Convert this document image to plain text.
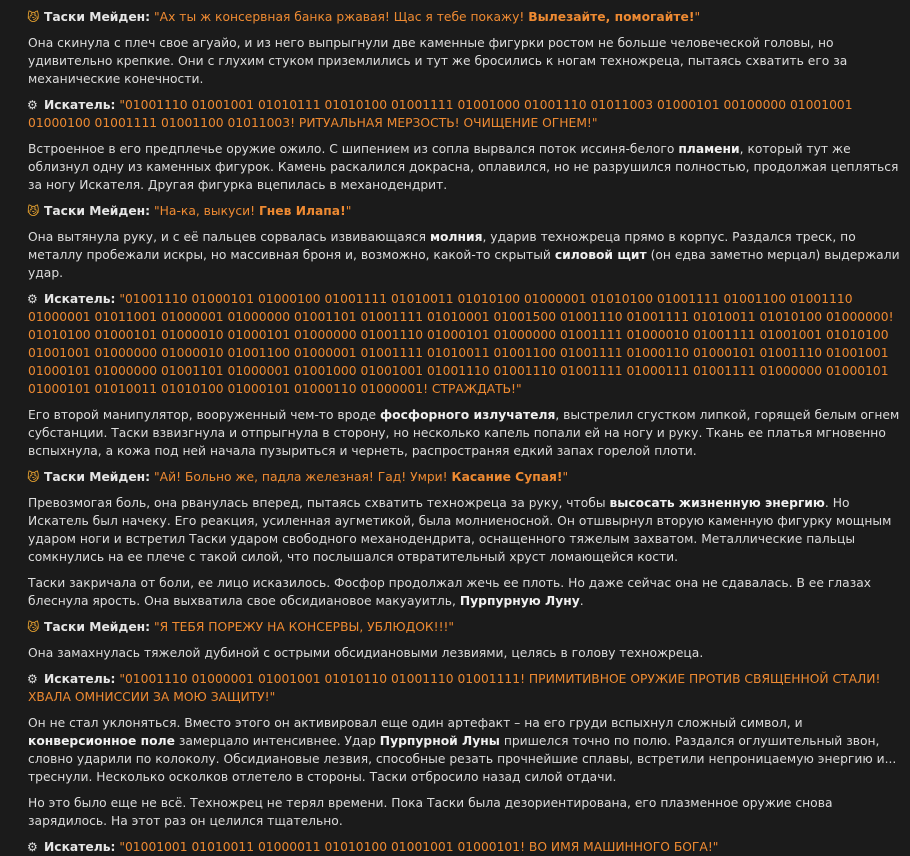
😼 Таски Мейден: "Ах ты ж консервная банка ржавая! Щас я тебе покажу! Вылезайте, помогайте!"
Она скинула с плеч свое агуайо, и из него выпрыгнули две каменные фигурки ростом не больше человеческой головы, но удивительно крепкие. Они с глухим стуком приземлились и тут же бросились к ногам техножреца, пытаясь схватить его за механические конечности.
⚙ Искатель: "01001110 01001001 01010111 01010100 01001111 01001000 01001110 01011003 01000101 00100000 01001001 01000100 01001111 01001100 01011003! РИТУАЛЬНАЯ МЕРЗОСТЬ! ОЧИЩЕНИЕ ОГНЕМ!"
Встроенное в его предплечье оружие ожило. С шипением из сопла вырвался поток иссиня-белого пламени, который тут же облизнул одну из каменных фигурок. Камень раскалился докрасна, оплавился, но не разрушился полностью, продолжая цепляться за ногу Искателя. Другая фигурка вцепилась в механодендрит.
😼 Таски Мейден: "На-ка, выкуси! Гнев Илапа!"
Она вытянула руку, и с её пальцев сорвалась извивающаяся молния, ударив техножреца прямо в корпус. Раздался треск, по металлу пробежали искры, но массивная броня и, возможно, какой-то скрытый силовой щит (он едва заметно мерцал) выдержали удар.
⚙ Искатель: "01001110 01000101 01000100 01001111 01010011 01010100 01000001 01010100 01001111 01001100 01001110 01000001 01011001 01000001 01000000 01001101 01001111 01010001 01001500 01001110 01001111 01010011 01010100 01000000! 01010100 01000101 01000010 01000101 01000000 01001110 01000101 01000000 01001111 01000010 01001111 01001001 01010100 01001001 01000000 01000010 01001100 01000001 01001111 01010011 01001100 01001111 01000110 01000101 01001110 01001001 01000101 01000000 01001101 01000001 01001000 01001001 01001110 01001110 01001111 01000111 01001111 01000000 01000101 01000101 01010011 01010100 01000101 01000110 01000001! СТРАЖДАТЬ!"
Его второй манипулятор, вооруженный чем-то вроде фосфорного излучателя, выстрелил сгустком липкой, горящей белым огнем субстанции. Таски взвизгнула и отпрыгнула в сторону, но несколько капель попали ей на ногу и руку. Ткань ее платья мгновенно вспыхнула, а кожа под ней начала пузыриться и чернеть, распространяя едкий запах горелой плоти.
😼 Таски Мейден: "Ай! Больно же, падла железная! Гад! Умри! Касание Супая!"
Превозмогая боль, она рванулась вперед, пытаясь схватить техножреца за руку, чтобы высосать жизненную энергию. Но Искатель был начеку. Его реакция, усиленная аугметикой, была молниеносной. Он отшвырнул вторую каменную фигурку мощным ударом ноги и встретил Таски ударом свободного механодендрита, оснащенного тяжелым захватом. Металлические пальцы сомкнулись на ее плече с такой силой, что послышался отвратительный хруст ломающейся кости.
Таски закричала от боли, ее лицо исказилось. Фосфор продолжал жечь ее плоть. Но даже сейчас она не сдавалась. В ее глазах блеснула ярость. Она выхватила свое обсидиановое макуауитль, Пурпурную Луну.
😼 Таски Мейден: "Я ТЕБЯ ПОРЕЖУ НА КОНСЕРВЫ, УБЛЮДОК!!!"
Она замахнулась тяжелой дубиной с острыми обсидиановыми лезвиями, целясь в голову техножреца.
⚙ Искатель: "01001110 01000001 01001001 01010110 01001110 01001111! ПРИМИТИВНОЕ ОРУЖИЕ ПРОТИВ СВЯЩЕННОЙ СТАЛИ! ХВАЛА ОМНИССИИ ЗА МОЮ ЗАЩИТУ!"
Он не стал уклоняться. Вместо этого он активировал еще один артефакт – на его груди вспыхнул сложный символ, и конверсионное поле замерцало интенсивнее. Удар Пурпурной Луны пришелся точно по полю. Раздался оглушительный звон, словно ударили по колоколу. Обсидиановые лезвия, способные резать прочнейшие сплавы, встретили непроницаемую энергию и... треснули. Несколько осколков отлетело в стороны. Таски отбросило назад силой отдачи.
Но это было еще не всё. Техножрец не терял времени. Пока Таски была дезориентирована, его плазменное оружие снова зарядилось. На этот раз он целился тщательно.
⚙ Искатель: "01001001 01010011 01000011 01010100 01001001 01000101! ВО ИМЯ МАШИННОГО БОГА!"
